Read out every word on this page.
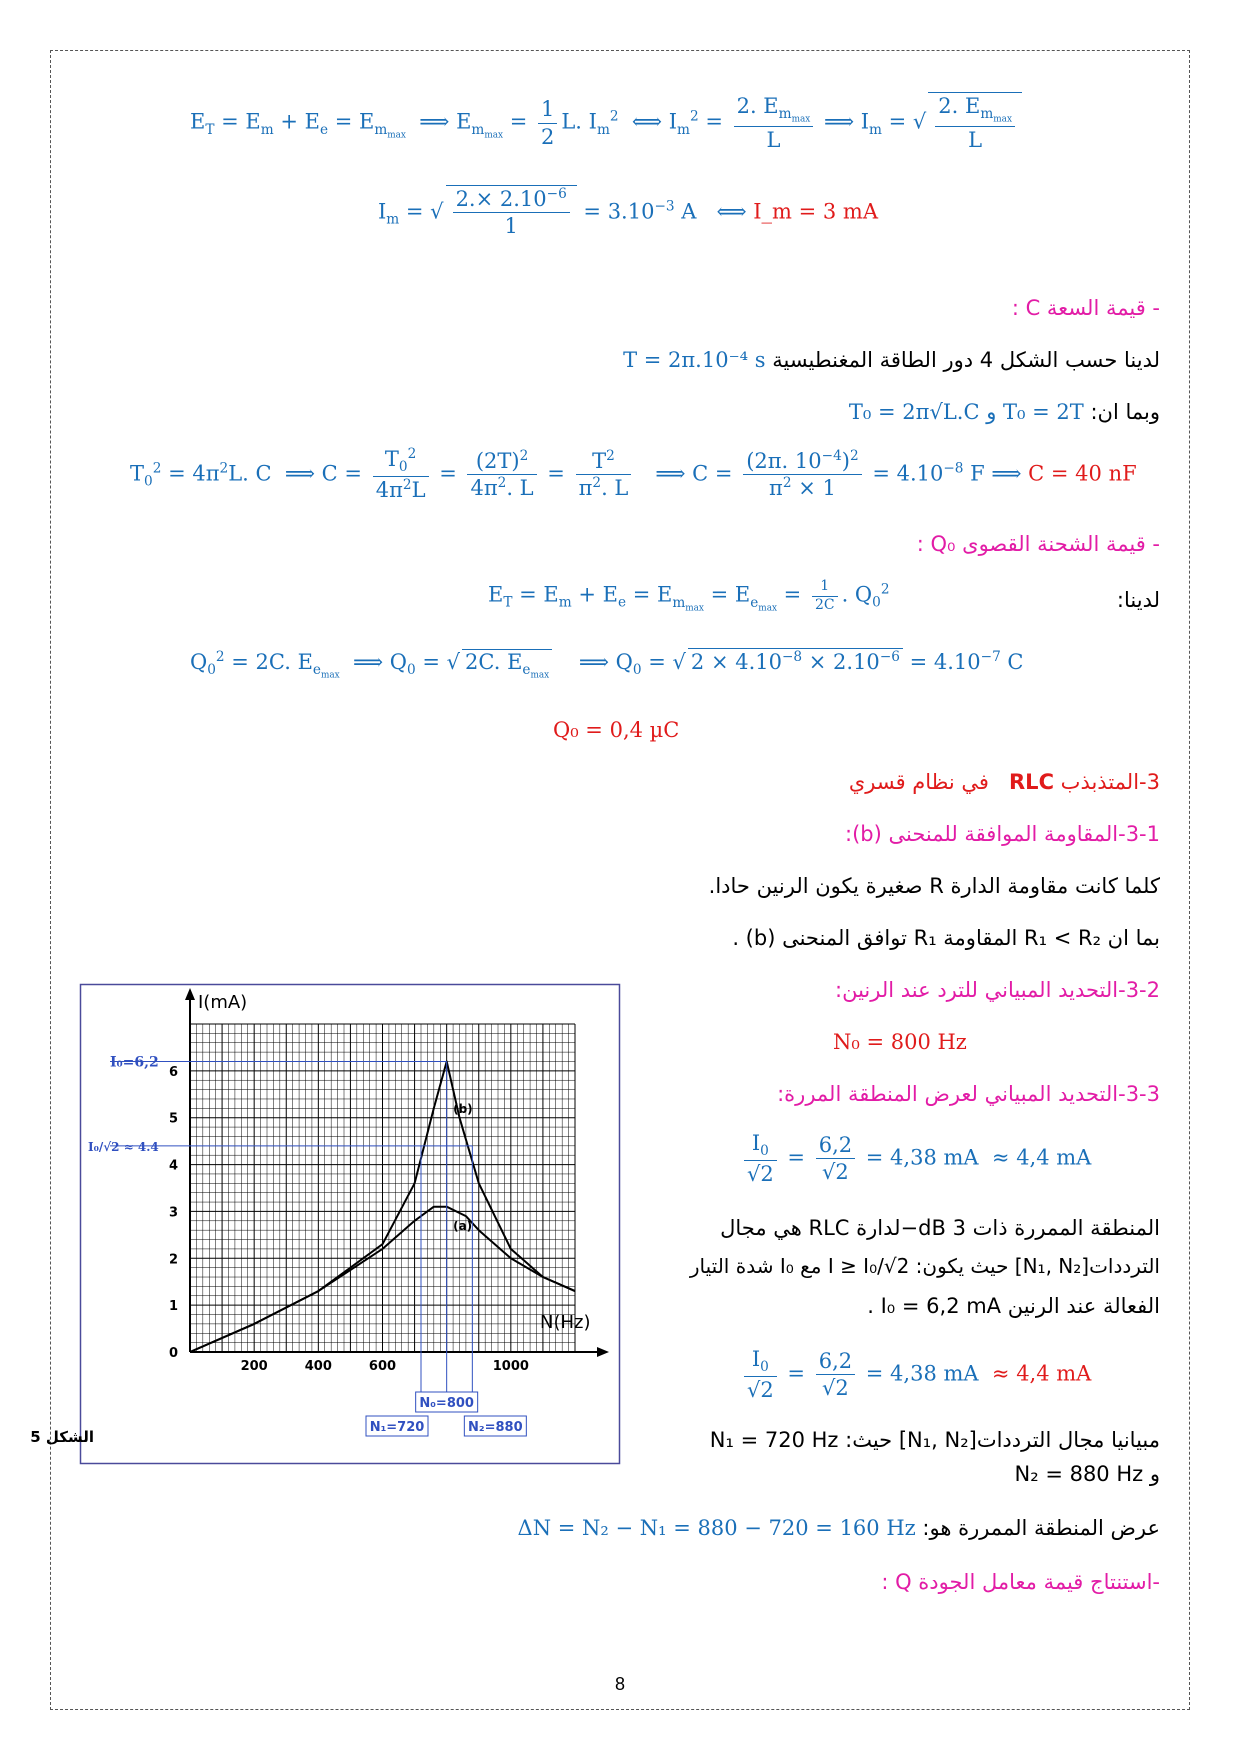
$E_T = E_m + E_e = E_{m_{max}}$  ⟹ $E_{m_{max}} = \frac{1}{2} L$. $I_m^2$  ⟺ $I_m^2 = \frac{2. E_{m_{max}}}{L}$ ⟹ $I_m$ = √ $\frac{2. E_{m_{max}}}{L}$
$I_m$ = √ $\frac{2.\times 2.10^{-6}}{1} = 3.10^{-3}$ A   ⟺ I_m = 3 mA
- قيمة السعة C :
لدينا حسب الشكل 4 دور الطاقة المغنطيسية T = 2π.10⁻⁴ s
وبما ان: T₀ = 2π√L.C و T₀ = 2T
$T_0^2 = 4\pi^2L$. C  ⟹ $C = \frac{T_0^2}{4\pi^2L} = \frac{(2T)^2}{4\pi^2. L} = \frac{T^2}{\pi^2. L}$ ⟹ $C = \frac{(2\pi. 10^{-4})^2}{\pi^2 \times 1} = 4.10^{-8}$ F ⟹ C = 40 nF
- قيمة الشحنة القصوى Q₀ :
لدينا:
$E_T = E_m + E_e = E_{m_{max}} = E_{e_{max}} = \frac{1}{2C}$ . $Q_0^2$
$Q_0^2 = 2C$. $E_{e_{max}}$  ⟹ $Q_0$ = √ 2C. $E_{e_{max}}$    ⟹ $Q_0$ = √ $2 \times 4.10^{-8} \times 2.10^{-6} = 4.10^{-7}$ C
Q₀ = 0,4 µC
3-المتذبذب RLC   في نظام قسري
3-1-المقاومة الموافقة للمنحنى (b):
كلما كانت مقاومة الدارة R صغيرة يكون الرنين حادا.
بما ان R₁ < R₂ المقاومة R₁ توافق المنحنى (b) .
3-2-التحديد المبياني للترد عند الرنين:
N₀ = 800 Hz
3-3-التحديد المبياني لعرض المنطقة المررة:
$\frac{I_0}{√2} = \frac{6,2}{√2} = 4,38$ mA  ≈ 4,4 mA
المنطقة الممررة ذات 3 dB−لدارة RLC هي مجال
الترددات[N₁, N₂] حيث يكون: I ≥ I₀/√2 مع I₀ شدة التيار
الفعالة عند الرنين I₀ = 6,2 mA .
$\frac{I_0}{√2} = \frac{6,2}{√2} = 4,38$ mA  ≈ 4,4 mA
مبيانيا مجال الترددات[N₁, N₂] حيث: N₁ = 720 Hz
و N₂ = 880 Hz
عرض المنطقة الممررة هو: ΔN = N₂ − N₁ = 880 − 720 = 160 Hz
-استنتاج قيمة معامل الجودة Q :
I(mA)
N(Hz)
0
1
2
3
4
5
6
200	400	600	1000
(b)
(a)
I₀=6,2
I₀/√2 ≈ 4.4
N₀=800
N₁=720	N₂=880
الشكل 5
8
